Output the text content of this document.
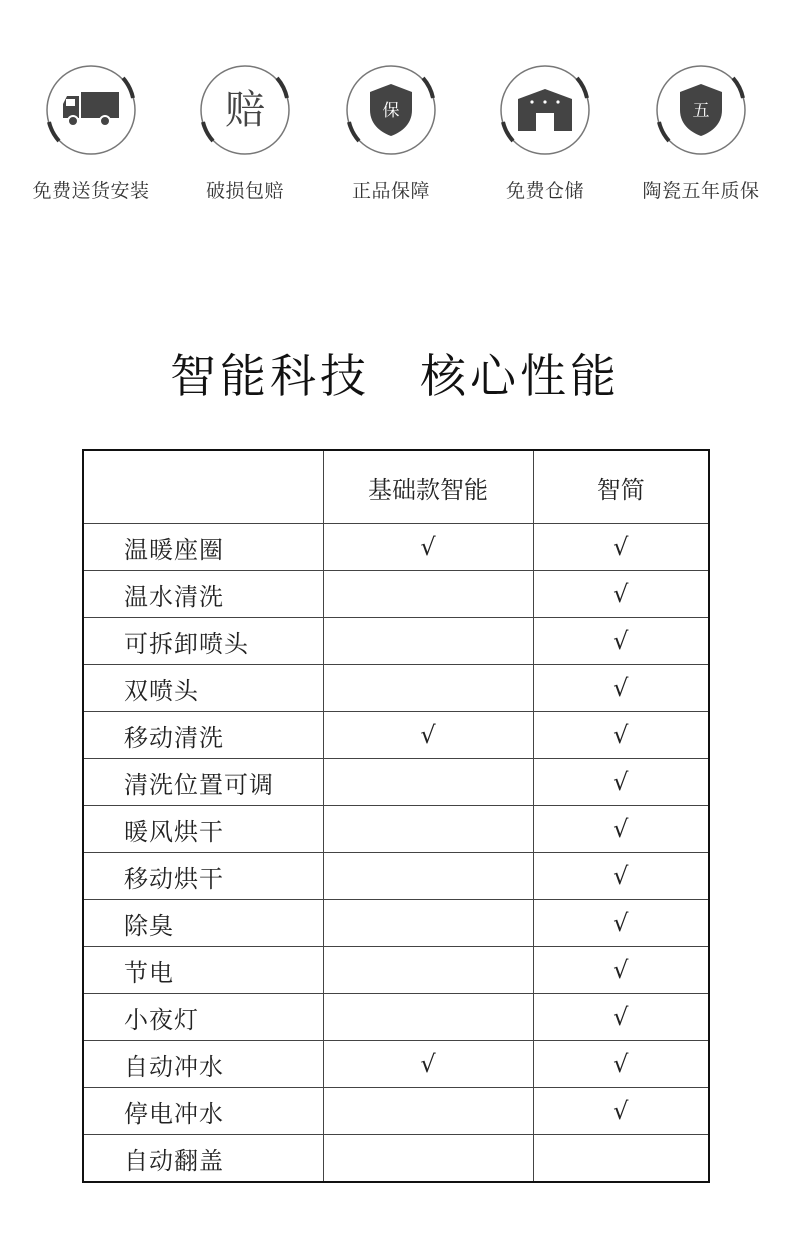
免费送货安装
赔
破损包赔
保
正品保障	免费仓储
五
陶瓷五年质保
智能科技　核心性能
	基础款智能	智简
温暖座圈	√	√
温水清洗		√
可拆卸喷头		√
双喷头		√
移动清洗	√	√
清洗位置可调		√
暖风烘干		√
移动烘干		√
除臭		√
节电		√
小夜灯		√
自动冲水	√	√
停电冲水		√
自动翻盖		
